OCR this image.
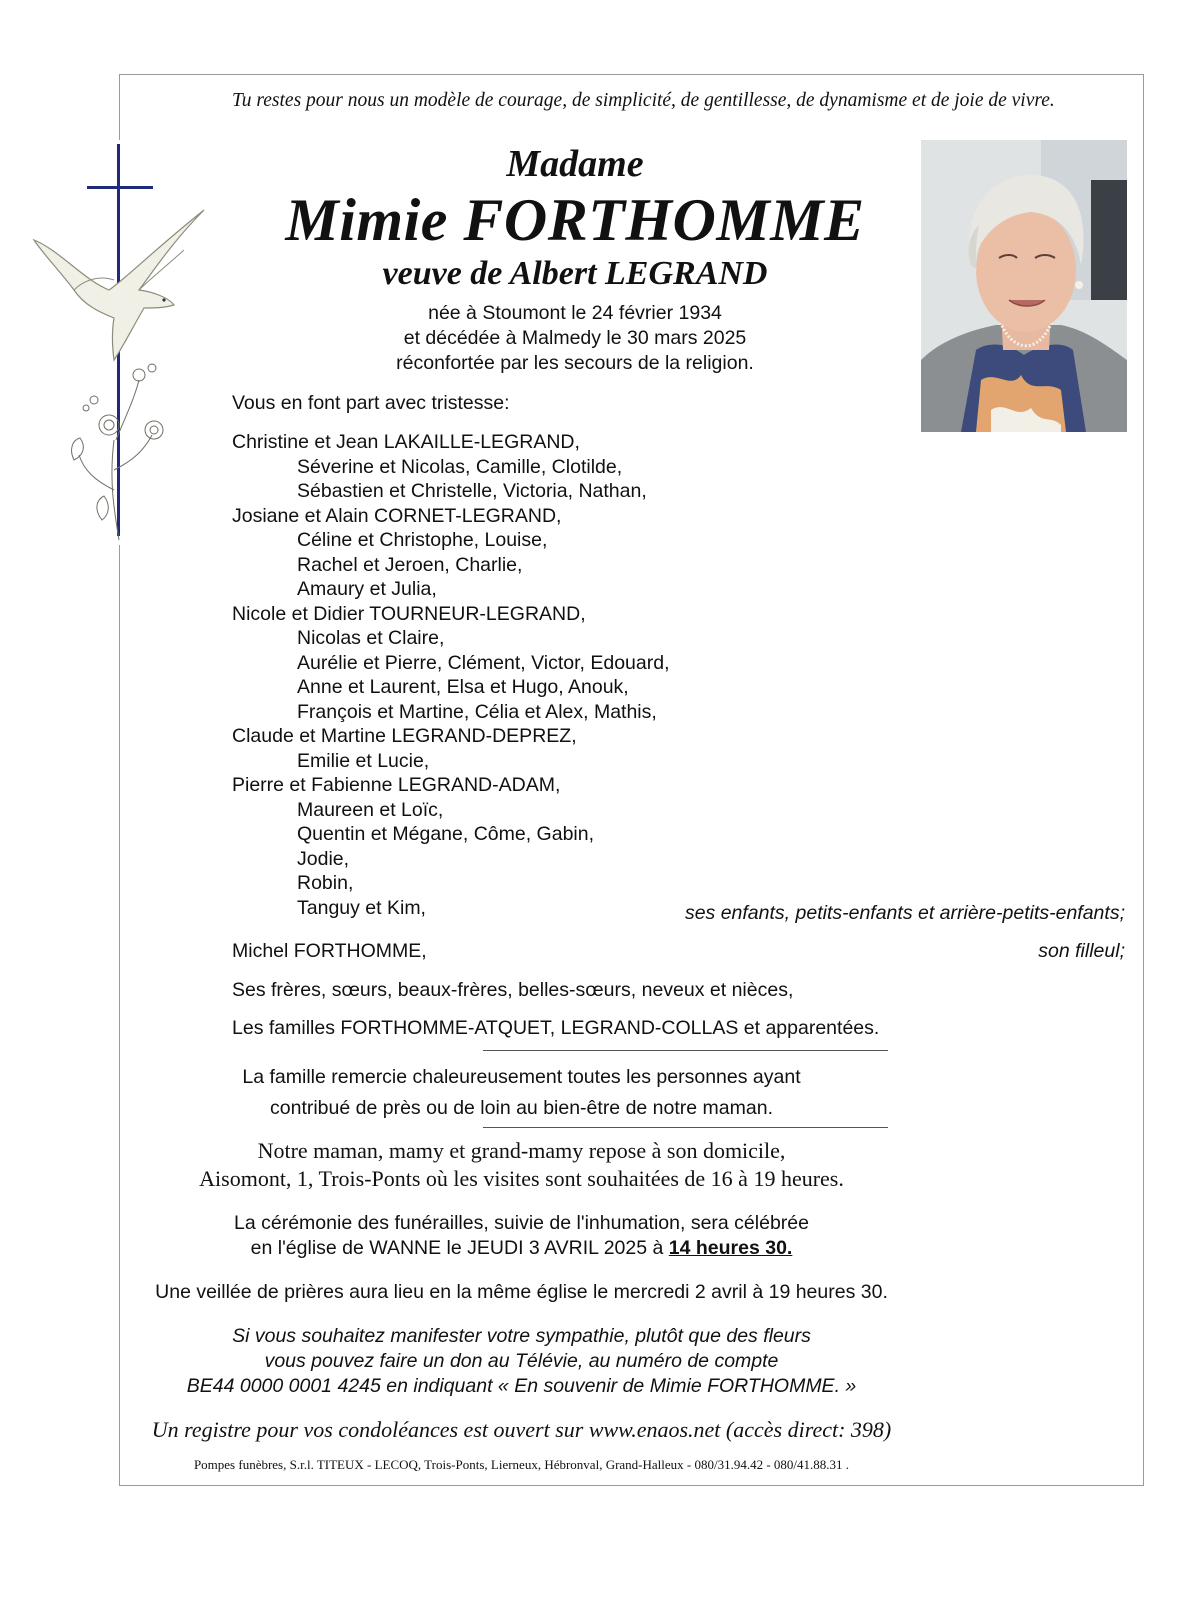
Tu restes pour nous un modèle de courage, de simplicité, de gentillesse, de dynamisme et de joie de vivre.
Madame
Mimie FORTHOMME
veuve de Albert LEGRAND
née à Stoumont le 24 février 1934
et décédée à Malmedy le 30 mars 2025
réconfortée par les secours de la religion.
Vous en font part avec tristesse:
Christine et Jean LAKAILLE-LEGRAND,
Séverine et Nicolas, Camille, Clotilde,
Sébastien et Christelle, Victoria, Nathan,
Josiane et Alain CORNET-LEGRAND,
Céline et Christophe, Louise,
Rachel et Jeroen, Charlie,
Amaury et Julia,
Nicole et Didier TOURNEUR-LEGRAND,
Nicolas et Claire,
Aurélie et Pierre, Clément, Victor, Edouard,
Anne et Laurent, Elsa et Hugo, Anouk,
François et Martine, Célia et Alex, Mathis,
Claude et Martine LEGRAND-DEPREZ,
Emilie et Lucie,
Pierre et Fabienne LEGRAND-ADAM,
Maureen et Loïc,
Quentin et Mégane, Côme, Gabin,
Jodie,
Robin,
Tanguy et Kim,	ses enfants, petits-enfants et arrière-petits-enfants;
Michel FORTHOMME,	son filleul;
Ses frères, sœurs, beaux-frères, belles-sœurs, neveux et nièces,
Les familles FORTHOMME-ATQUET, LEGRAND-COLLAS et apparentées.
La famille remercie chaleureusement toutes les personnes ayant
contribué de près ou de loin au bien-être de notre maman.
Notre maman, mamy et grand-mamy repose à son domicile,
Aisomont, 1, Trois-Ponts où les visites sont souhaitées de 16 à 19 heures.
La cérémonie des funérailles, suivie de l'inhumation, sera célébrée
en l'église de WANNE le JEUDI 3 AVRIL 2025 à 14 heures 30.
Une veillée de prières aura lieu en la même église le mercredi 2 avril à 19 heures 30.
Si vous souhaitez manifester votre sympathie, plutôt que des fleurs
vous pouvez faire un don au Télévie, au numéro de compte
BE44 0000 0001 4245 en indiquant « En souvenir de Mimie FORTHOMME. »
Un registre pour vos condoléances est ouvert sur www.enaos.net (accès direct: 398)
Pompes funèbres, S.r.l. TITEUX - LECOQ, Trois-Ponts, Lierneux, Hébronval, Grand-Halleux - 080/31.94.42 - 080/41.88.31 .
